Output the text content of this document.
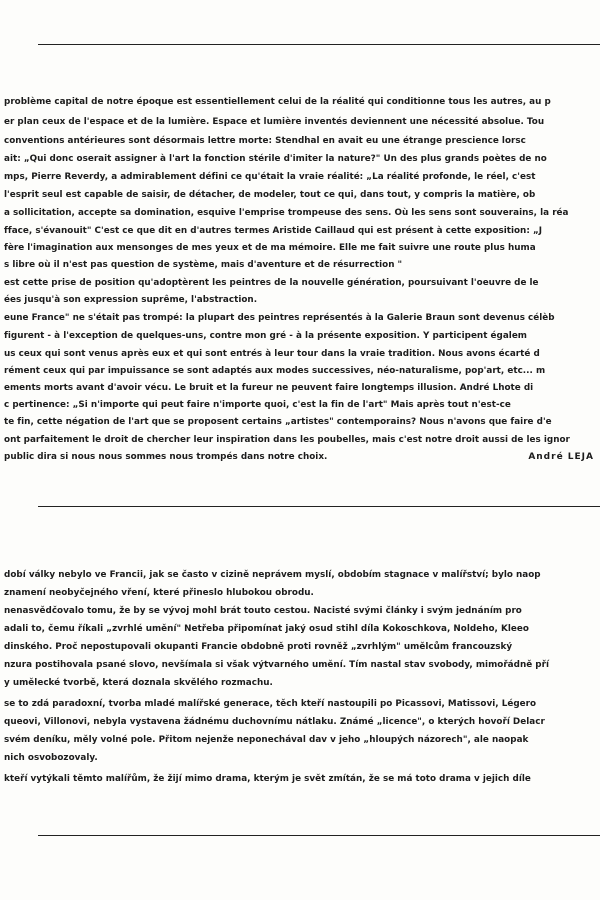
problème capital de notre époque est essentiellement celui de la réalité qui conditionne tous les autres, au p
er plan ceux de l'espace et de la lumière. Espace et lumière inventés deviennent une nécessité absolue. Tou
conventions antérieures sont désormais lettre morte: Stendhal en avait eu une étrange prescience lorsc
ait: „Qui donc oserait assigner à l'art la fonction stérile d'imiter la nature?" Un des plus grands poètes de no
mps, Pierre Reverdy, a admirablement défini ce qu'était la vraie réalité: „La réalité profonde, le réel, c'est
l'esprit seul est capable de saisir, de détacher, de modeler, tout ce qui, dans tout, y compris la matière, ob
a sollicitation, accepte sa domination, esquive l'emprise trompeuse des sens. Où les sens sont souverains, la réa
fface, s'évanouit" C'est ce que dit en d'autres termes Aristide Caillaud qui est présent à cette exposition: „J
fère l'imagination aux mensonges de mes yeux et de ma mémoire. Elle me fait suivre une route plus huma
s libre où il n'est pas question de système, mais d'aventure et de résurrection "
est cette prise de position qu'adoptèrent les peintres de la nouvelle génération, poursuivant l'oeuvre de le
ées jusqu'à son expression suprême, l'abstraction.
eune France" ne s'était pas trompé: la plupart des peintres représentés à la Galerie Braun sont devenus célèb
figurent - à l'exception de quelques-uns, contre mon gré - à la présente exposition. Y participent égalem
us ceux qui sont venus après eux et qui sont entrés à leur tour dans la vraie tradition. Nous avons écarté d
rément ceux qui par impuissance se sont adaptés aux modes successives, néo-naturalisme, pop'art, etc... m
ements morts avant d'avoir vécu. Le bruit et la fureur ne peuvent faire longtemps illusion. André Lhote di
c pertinence: „Si n'importe qui peut faire n'importe quoi, c'est la fin de l'art" Mais après tout n'est-ce
te fin, cette négation de l'art que se proposent certains „artistes" contemporains? Nous n'avons que faire d'e
ont parfaitement le droit de chercher leur inspiration dans les poubelles, mais c'est notre droit aussi de les ignor
public dira si nous nous sommes nous trompés dans notre choix.	André LEJA
dobí války nebylo ve Francii, jak se často v cizině neprávem myslí, obdobím stagnace v malířství; bylo naop
znamení neobyčejného vření, které přineslo hlubokou obrodu.
nenasvědčovalo tomu, že by se vývoj mohl brát touto cestou. Nacisté svými články i svým jednáním pro
adali to, čemu říkali „zvrhlé umění" Netřeba připomínat jaký osud stihl díla Kokoschkova, Noldeho, Kleeo
dinského. Proč nepostupovali okupanti Francie obdobně proti rovněž „zvrhlým" umělcům francouzský
nzura postihovala psané slovo, nevšímala si však výtvarného umění. Tím nastal stav svobody, mimořádně pří
y umělecké tvorbě, která doznala skvělého rozmachu.
se to zdá paradoxní, tvorba mladé malířské generace, těch kteří nastoupili po Picassovi, Matissovi, Légero
queovi, Villonovi, nebyla vystavena žádnému duchovnímu nátlaku. Známé „licence", o kterých hovoří Delacr
svém deníku, měly volné pole. Přitom nejenže neponechával dav v jeho „hloupých názorech", ale naopak
nich osvobozovaly.
kteří vytýkali těmto malířům, že žijí mimo drama, kterým je svět zmítán, že se má toto drama v jejich díle
